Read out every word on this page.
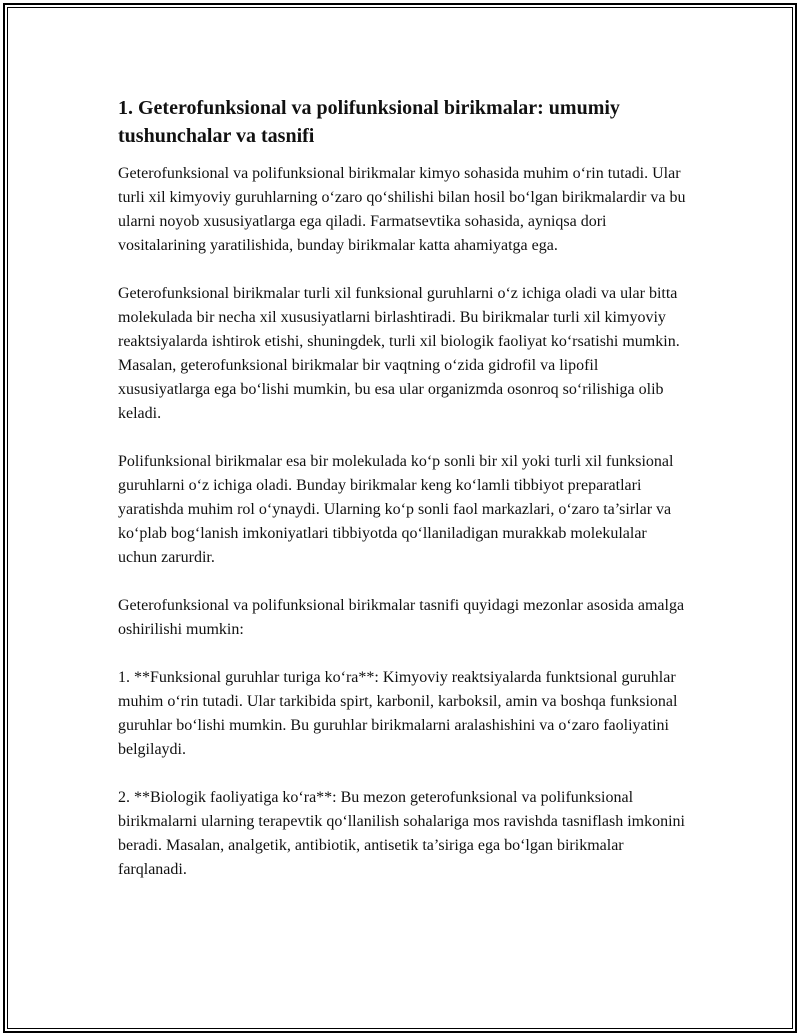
1. Geterofunksional va polifunksional birikmalar: umumiy tushunchalar va tasnifi

Geterofunksional va polifunksional birikmalar kimyo sohasida muhim o‘rin tutadi. Ular turli xil kimyoviy guruhlarning o‘zaro qo‘shilishi bilan hosil bo‘lgan birikmalardir va bu ularni noyob xususiyatlarga ega qiladi. Farmatsevtika sohasida, ayniqsa dori vositalarining yaratilishida, bunday birikmalar katta ahamiyatga ega.

Geterofunksional birikmalar turli xil funksional guruhlarni o‘z ichiga oladi va ular bitta molekulada bir necha xil xususiyatlarni birlashtiradi. Bu birikmalar turli xil kimyoviy reaktsiyalarda ishtirok etishi, shuningdek, turli xil biologik faoliyat ko‘rsatishi mumkin. Masalan, geterofunksional birikmalar bir vaqtning o‘zida gidrofil va lipofil xususiyatlarga ega bo‘lishi mumkin, bu esa ular organizmda osonroq so‘rilishiga olib keladi.

Polifunksional birikmalar esa bir molekulada ko‘p sonli bir xil yoki turli xil funksional guruhlarni o‘z ichiga oladi. Bunday birikmalar keng ko‘lamli tibbiyot preparatlari yaratishda muhim rol o‘ynaydi. Ularning ko‘p sonli faol markazlari, o‘zaro ta’sirlar va ko‘plab bog‘lanish imkoniyatlari tibbiyotda qo‘llaniladigan murakkab molekulalar uchun zarurdir.

Geterofunksional va polifunksional birikmalar tasnifi quyidagi mezonlar asosida amalga oshirilishi mumkin:

1. **Funksional guruhlar turiga ko‘ra**: Kimyoviy reaktsiyalarda funktsional guruhlar muhim o‘rin tutadi. Ular tarkibida spirt, karbonil, karboksil, amin va boshqa funksional guruhlar bo‘lishi mumkin. Bu guruhlar birikmalarni aralashishini va o‘zaro faoliyatini belgilaydi.

2. **Biologik faoliyatiga ko‘ra**: Bu mezon geterofunksional va polifunksional birikmalarni ularning terapevtik qo‘llanilish sohalariga mos ravishda tasniflash imkonini beradi. Masalan, analgetik, antibiotik, antisetik ta’siriga ega bo‘lgan birikmalar farqlanadi.
